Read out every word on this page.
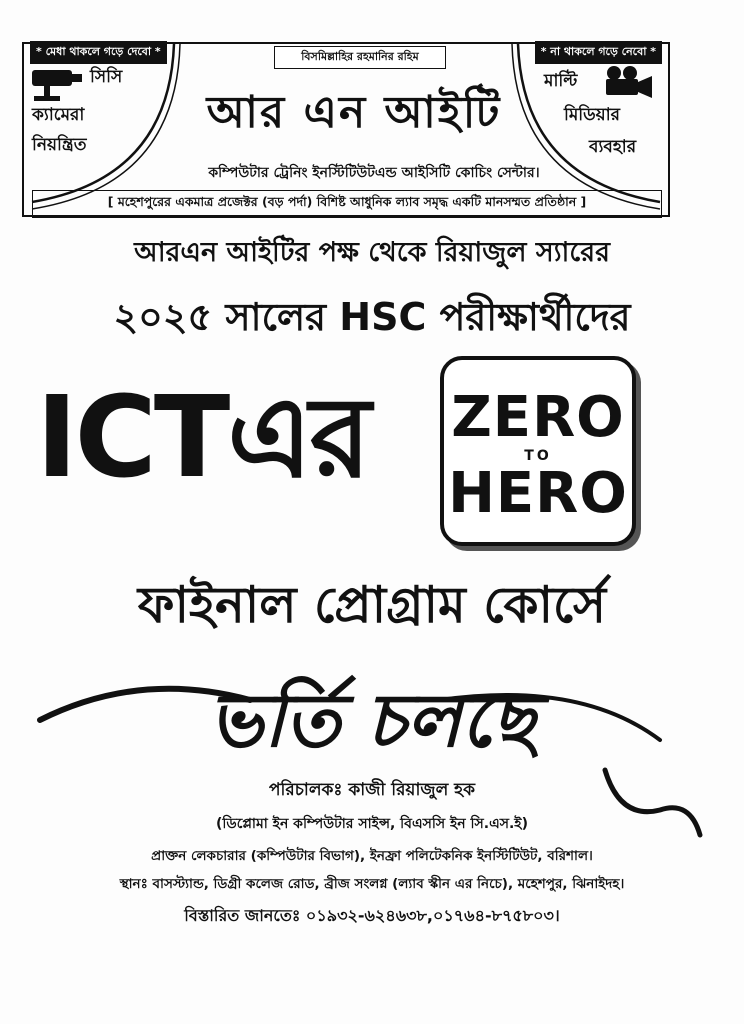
* মেধা থাকলে গড়ে দেবো *	* না থাকলে গড়ে নেবো *
বিসমিল্লাহির রহমানির রহিম
সিসি
ক্যামেরা
নিয়ন্ত্রিত
মাল্টি
মিডিয়ার
ব্যবহার
আর এন আইটি
কম্পিউটার ট্রেনিং ইনস্টিটিউটএন্ড আইসিটি কোচিং সেন্টার।
[ মহেশপুরের একমাত্র প্রজেক্টর (বড় পর্দা) বিশিষ্ট আধুনিক ল্যাব সমৃদ্ধ একটি মানসম্মত প্রতিষ্ঠান ]
আরএন আইটির পক্ষ থেকে রিয়াজুল স্যারের
২০২৫ সালের HSC পরীক্ষার্থীদের
ICTএর ZERO
TO
HERO
ফাইনাল প্রোগ্রাম কোর্সে
ভর্তি চলছে
পরিচালকঃ কাজী রিয়াজুল হক
(ডিপ্লোমা ইন কম্পিউটার সাইন্স, বিএসসি ইন সি.এস.ই)
প্রাক্তন লেকচারার (কম্পিউটার বিভাগ), ইনফ্রা পলিটেকনিক ইনস্টিটিউট, বরিশাল।
স্থানঃ বাসস্ট্যান্ড, ডিগ্রী কলেজ রোড, ব্রীজ সংলগ্ন (ল্যাব স্কীন এর নিচে), মহেশপুর, ঝিনাইদহ।
বিস্তারিত জানতেঃ ০১৯৩২-৬২৪৬৩৮,০১৭৬৪-৮৭৫৮০৩।
